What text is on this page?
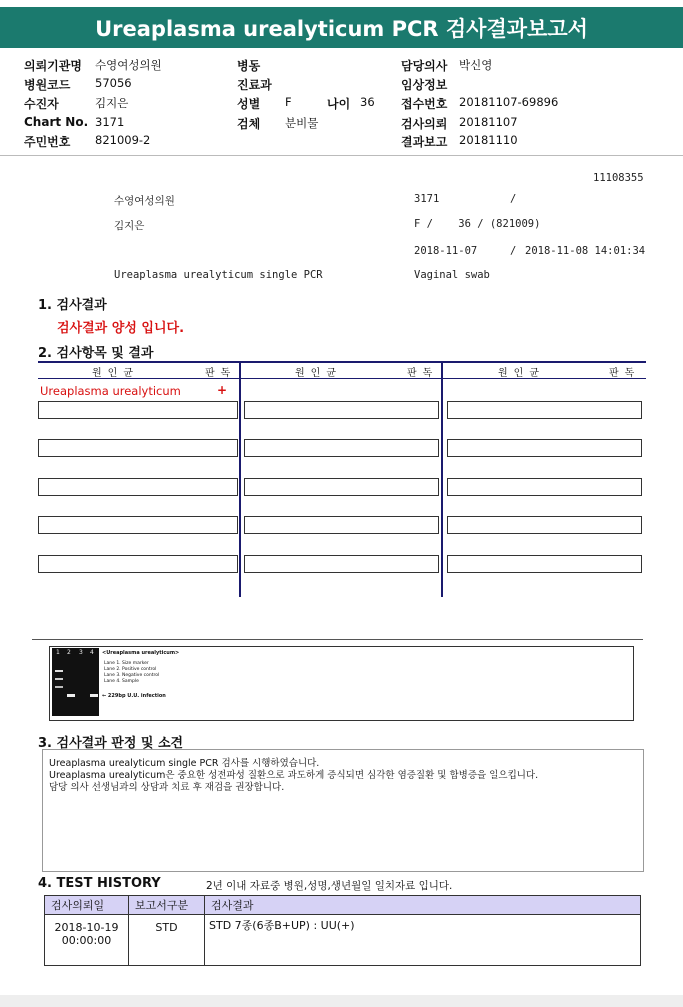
Ureaplasma urealyticum PCR 검사결과보고서
의뢰기관명 수영여성의원
병원코드 57056
수진자	김지은
Chart No. 3171
주민번호 821009-2
병동
진료과
성별 F	나이 36
검체 분비물
담당의사 박신영
임상정보
접수번호 20181107-69896
검사의뢰 20181107
결과보고 20181110
11108355
수영여성의원	3171	/
김지은	F /    36 / (821009)
2018-11-07	/ 2018-11-08 14:01:34
Ureaplasma urealyticum single PCR	Vaginal swab
1. 검사결과
검사결과 양성 입니다.
2. 검사항목 및 결과
원인균	판독	원인균	판독	원인균	판독
Ureaplasma urealyticum	+
1 2 3 4 <Ureaplasma urealyticum>
Lane 1. Size marker
Lane 2. Positive control
Lane 3. Negative control
Lane 4. Sample
← 229bp U.U. infection
3. 검사결과 판정 및 소견
Ureaplasma urealyticum single PCR 검사를 시행하였습니다.
Ureaplasma urealyticum은 중요한 성전파성 질환으로 과도하게 증식되면 심각한 염증질환 및 합병증을 일으킵니다.
담당 의사 선생님과의 상담과 치료 후 재검을 권장합니다.
4. TEST HISTORY	2년 이내 자료중 병원,성명,생년월일 일치자료 입니다.
검사의뢰일	보고서구분	검사결과

2018-10-19
00:00:00	STD	STD 7종(6종B+UP) : UU(+)
